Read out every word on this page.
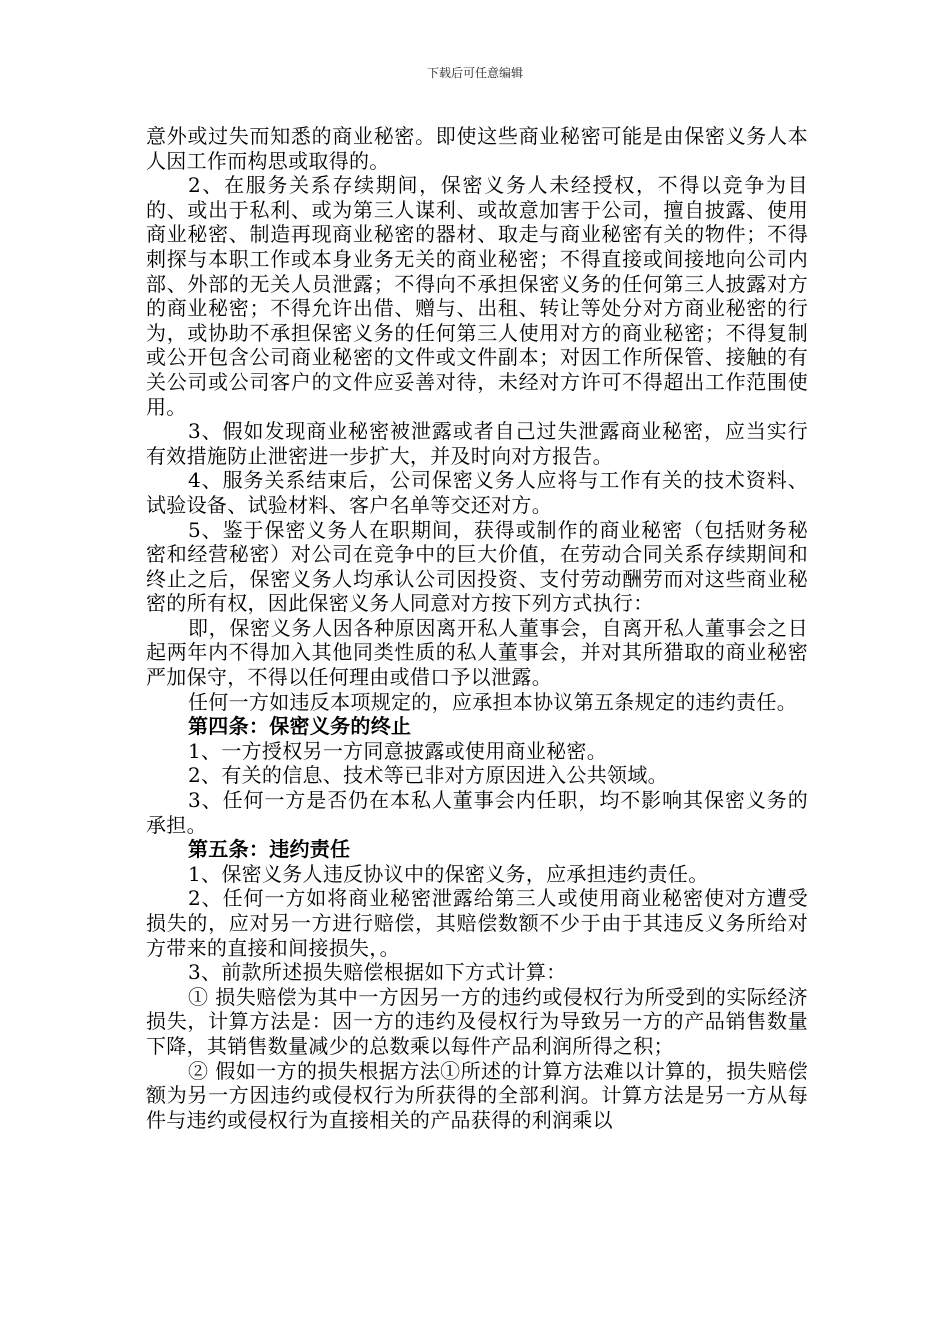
下载后可任意编辑

意外或过失而知悉的商业秘密。即使这些商业秘密可能是由保密义务人本人因工作而构思或取得的。

2、在服务关系存续期间，保密义务人未经授权，不得以竞争为目的、或出于私利、或为第三人谋利、或故意加害于公司，擅自披露、使用商业秘密、制造再现商业秘密的器材、取走与商业秘密有关的物件；不得刺探与本职工作或本身业务无关的商业秘密；不得直接或间接地向公司内部、外部的无关人员泄露；不得向不承担保密义务的任何第三人披露对方的商业秘密；不得允许出借、赠与、出租、转让等处分对方商业秘密的行为，或协助不承担保密义务的任何第三人使用对方的商业秘密；不得复制或公开包含公司商业秘密的文件或文件副本；对因工作所保管、接触的有关公司或公司客户的文件应妥善对待，未经对方许可不得超出工作范围使用。

3、假如发现商业秘密被泄露或者自己过失泄露商业秘密，应当实行有效措施防止泄密进一步扩大，并及时向对方报告。

4、服务关系结束后，公司保密义务人应将与工作有关的技术资料、试验设备、试验材料、客户名单等交还对方。

5、鉴于保密义务人在职期间，获得或制作的商业秘密（包括财务秘密和经营秘密）对公司在竞争中的巨大价值，在劳动合同关系存续期间和终止之后，保密义务人均承认公司因投资、支付劳动酬劳而对这些商业秘密的所有权，因此保密义务人同意对方按下列方式执行：

即，保密义务人因各种原因离开私人董事会，自离开私人董事会之日起两年内不得加入其他同类性质的私人董事会，并对其所猎取的商业秘密严加保守，不得以任何理由或借口予以泄露。

任何一方如违反本项规定的，应承担本协议第五条规定的违约责任。

第四条：保密义务的终止

1、一方授权另一方同意披露或使用商业秘密。

2、有关的信息、技术等已非对方原因进入公共领域。

3、任何一方是否仍在本私人董事会内任职，均不影响其保密义务的承担。

第五条：违约责任

1、保密义务人违反协议中的保密义务，应承担违约责任。

2、任何一方如将商业秘密泄露给第三人或使用商业秘密使对方遭受损失的，应对另一方进行赔偿，其赔偿数额不少于由于其违反义务所给对方带来的直接和间接损失，。

3、前款所述损失赔偿根据如下方式计算：

① 损失赔偿为其中一方因另一方的违约或侵权行为所受到的实际经济损失，计算方法是：因一方的违约及侵权行为导致另一方的产品销售数量下降，其销售数量减少的总数乘以每件产品利润所得之积；

② 假如一方的损失根据方法①所述的计算方法难以计算的，损失赔偿额为另一方因违约或侵权行为所获得的全部利润。计算方法是另一方从每件与违约或侵权行为直接相关的产品获得的利润乘以
